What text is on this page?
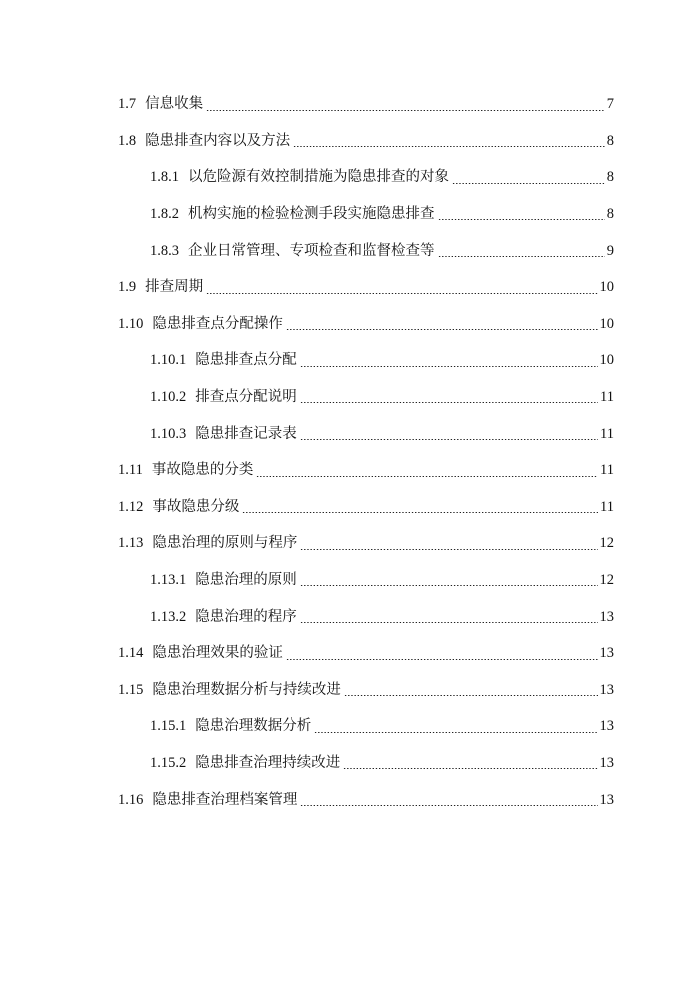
1.7 信息收集	7
1.8 隐患排查内容以及方法	8
1.8.1 以危险源有效控制措施为隐患排查的对象	8
1.8.2 机构实施的检验检测手段实施隐患排查	8
1.8.3 企业日常管理、专项检查和监督检查等	9
1.9 排查周期	10
1.10 隐患排查点分配操作	10
1.10.1 隐患排查点分配	10
1.10.2 排查点分配说明	11
1.10.3 隐患排查记录表	11
1.11 事故隐患的分类	11
1.12 事故隐患分级	11
1.13 隐患治理的原则与程序	12
1.13.1 隐患治理的原则	12
1.13.2 隐患治理的程序	13
1.14 隐患治理效果的验证	13
1.15 隐患治理数据分析与持续改进	13
1.15.1 隐患治理数据分析	13
1.15.2 隐患排查治理持续改进	13
1.16 隐患排查治理档案管理	13
